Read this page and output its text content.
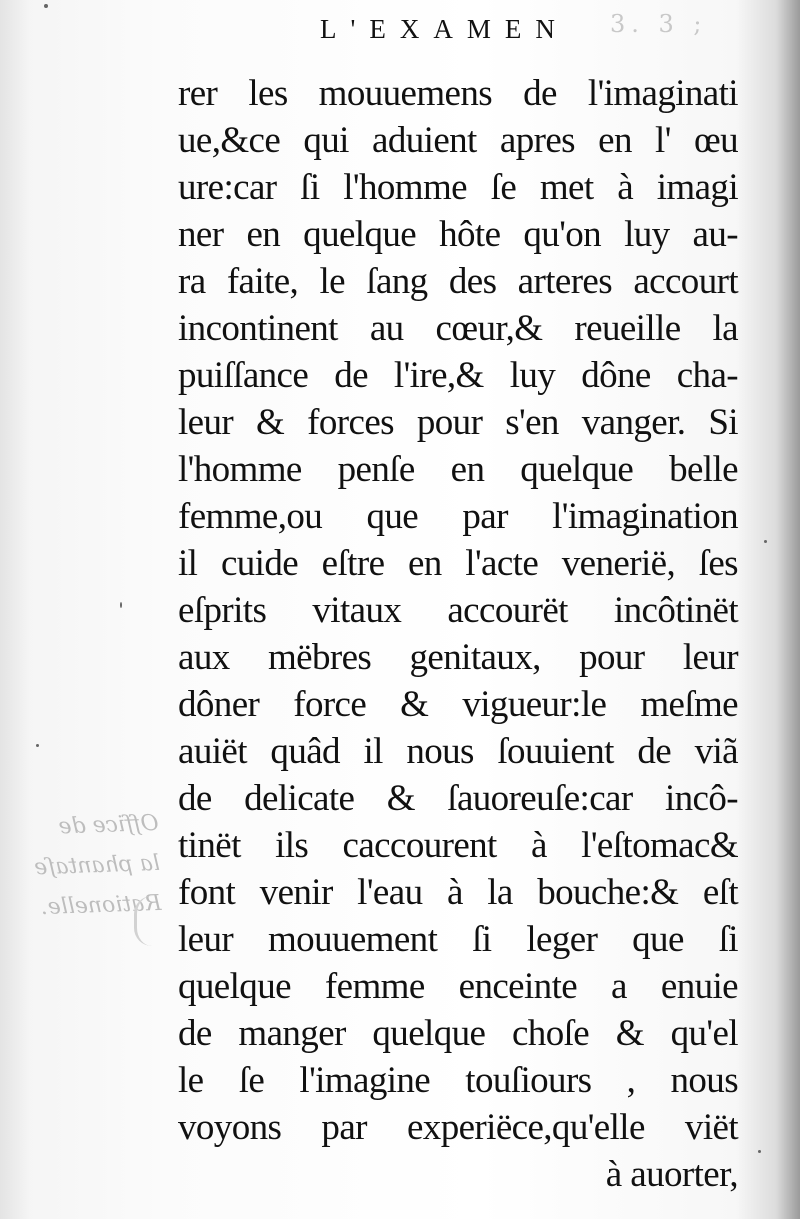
L'EXAMEN	3. 3 ;
rer les mouuemens de l'imaginati
ue,&ce qui aduient apres en l' œu
ure:car ſi l'homme ſe met à imagi
ner en quelque hôte qu'on luy au-
ra faite, le ſang des arteres accourt
incontinent au cœur,& reueille la
puiſſance de l'ire,& luy dône cha-
leur & forces pour s'en vanger. Si
l'homme penſe en quelque belle
femme,ou que par l'imagination
il cuide eſtre en l'acte venerië, ſes
eſprits vitaux accourët incôtinët
aux mëbres genitaux, pour leur
dôner force & vigueur:le meſme
auiët quâd il nous ſouuient de viã
de delicate & ſauoreuſe:car incô-
tinët ils caccourent à l'eſtomac&
font venir l'eau à la bouche:& eſt
leur mouuement ſi leger que ſi
quelque femme enceinte a enuie
de manger quelque choſe & qu'el
le ſe l'imagine touſiours , nous
voyons par experiëce,qu'elle viët
à auorter,
Office de
la phantaſe
Rationelle.
